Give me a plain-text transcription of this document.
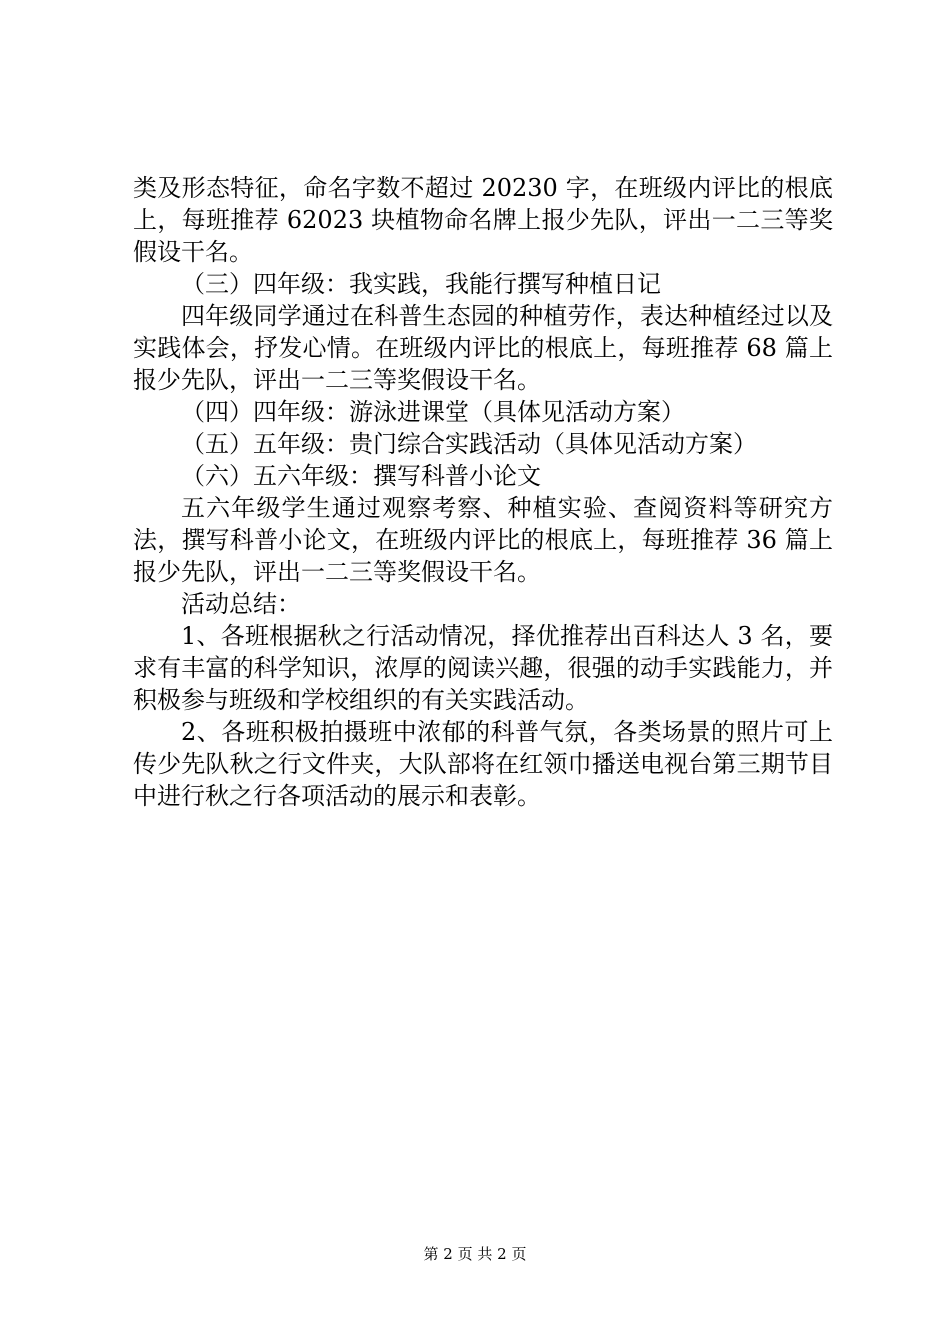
类及形态特征，命名字数不超过 20230 字，在班级内评比的根底上，每班推荐 62023 块植物命名牌上报少先队，评出一二三等奖假设干名。

（三）四年级：我实践，我能行撰写种植日记

四年级同学通过在科普生态园的种植劳作，表达种植经过以及实践体会，抒发心情。在班级内评比的根底上，每班推荐 68 篇上报少先队，评出一二三等奖假设干名。

（四）四年级：游泳进课堂（具体见活动方案）

（五）五年级：贵门综合实践活动（具体见活动方案）

（六）五六年级：撰写科普小论文

五六年级学生通过观察考察、种植实验、查阅资料等研究方法，撰写科普小论文，在班级内评比的根底上，每班推荐 36 篇上报少先队，评出一二三等奖假设干名。

活动总结：

1、各班根据秋之行活动情况，择优推荐出百科达人 3 名，要求有丰富的科学知识，浓厚的阅读兴趣，很强的动手实践能力，并积极参与班级和学校组织的有关实践活动。

2、各班积极拍摄班中浓郁的科普气氛，各类场景的照片可上传少先队秋之行文件夹，大队部将在红领巾播送电视台第三期节目中进行秋之行各项活动的展示和表彰。

第 2 页 共 2 页
